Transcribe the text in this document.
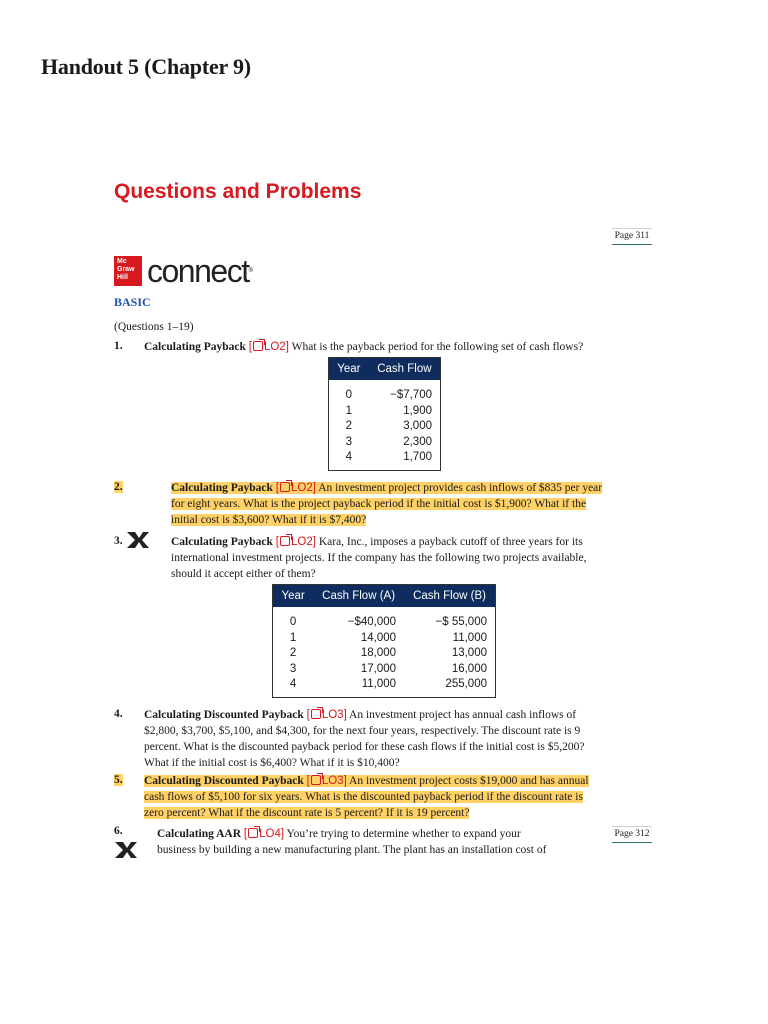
Handout 5 (Chapter 9)
Questions and Problems
Page 311
Mc
Graw
Hill connect®
BASIC
(Questions 1–19)
1. Calculating Payback [ LO2] What is the payback period for the following set of cash flows?
Year	Cash Flow
0	−$7,700
1	1,900
2	3,000
3	2,300
4	1,700
2.	Calculating Payback [ LO2] An investment project provides cash inflows of $835 per year
for eight years. What is the project payback period if the initial cost is $1,900? What if the
initial cost is $3,600? What if it is $7,400?
3.	Calculating Payback [ LO2] Kara, Inc., imposes a payback cutoff of three years for its
international investment projects. If the company has the following two projects available,
should it accept either of them?
Year	Cash Flow (A)	Cash Flow (B)
0	−$40,000	−$ 55,000
1	14,000	11,000
2	18,000	13,000
3	17,000	16,000
4	11,000	255,000
4. Calculating Discounted Payback [ LO3] An investment project has annual cash inflows of
$2,800, $3,700, $5,100, and $4,300, for the next four years, respectively. The discount rate is 9
percent. What is the discounted payback period for these cash flows if the initial cost is $5,200?
What if the initial cost is $6,400? What if it is $10,400?
5. Calculating Discounted Payback [ LO3] An investment project costs $19,000 and has annual
cash flows of $5,100 for six years. What is the discounted payback period if the discount rate is
zero percent? What if the discount rate is 5 percent? If it is 19 percent?
6.	Calculating AAR [ LO4] You’re trying to determine whether to expand your
business by building a new manufacturing plant. The plant has an installation cost of
Page 312
